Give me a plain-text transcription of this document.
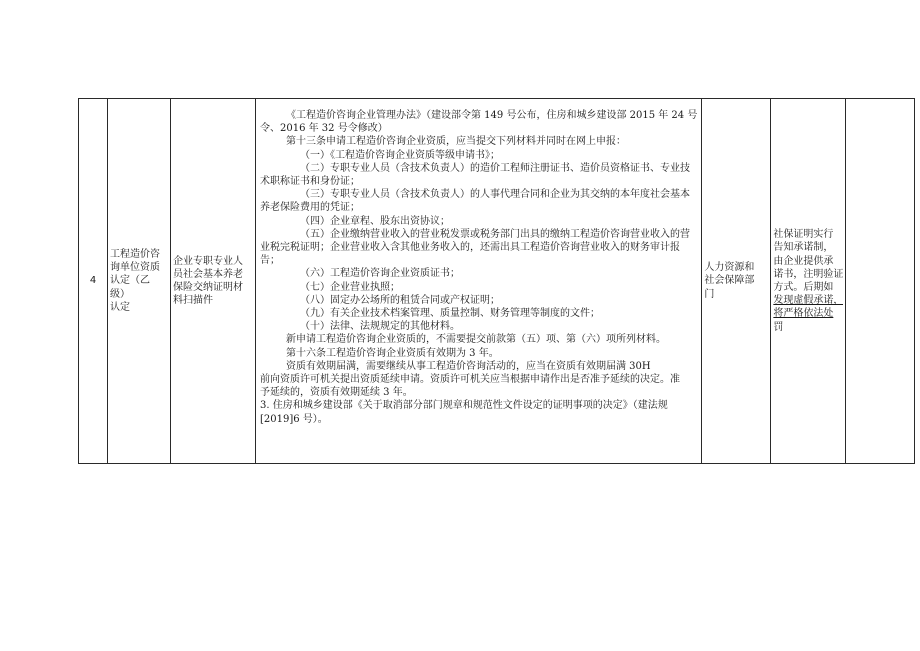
4	
工程造价咨
询单位资质
认定（乙
级）
认定

企业专职专业人
员社会基本养老
保险交纳证明材
料扫描件

《工程造价咨询企业管理办法》（建设部令第 149 号公布，住房和城乡建设部 2015 年 24 号
令、2016 年 32 号令修改）
第十三条申请工程造价咨询企业资质，应当提交下列材料并同时在网上申报：
（一）《工程造价咨询企业资质等级申请书》；
（二）专职专业人员（含技术负责人）的造价工程师注册证书、造价员资格证书、专业技
术职称证书和身份证；
（三）专职专业人员（含技术负责人）的人事代理合同和企业为其交纳的本年度社会基本
养老保险费用的凭证；
（四）企业章程、股东出资协议；
（五）企业缴纳营业收入的营业税发票或税务部门出具的缴纳工程造价咨询营业收入的营
业税完税证明；企业营业收入含其他业务收入的，还需出具工程造价咨询营业收入的财务审计报
告；
（六）工程造价咨询企业资质证书；
（七）企业营业执照；
（八）固定办公场所的租赁合同或产权证明；
（九）有关企业技术档案管理、质量控制、财务管理等制度的文件；
（十）法律、法规规定的其他材料。
新申请工程造价咨询企业资质的，不需要提交前款第（五）项、第（六）项所列材料。
第十六条工程造价咨询企业资质有效期为 3 年。
资质有效期届满，需要继续从事工程造价咨询活动的，应当在资质有效期届满 30H
前向资质许可机关提出资质延续申请。资质许可机关应当根据申请作出是否准予延续的决定。准
予延续的，资质有效期延续 3 年。
3. 住房和城乡建设部《关于取消部分部门规章和规范性文件设定的证明事项的决定》（建法规
[2019]6 号）。

人力资源和
社会保障部
门

社保证明实行
告知承诺制，
由企业提供承
诺书，注明验证
方式。后期如
发现虚假承诺，
将严格依法处
罚
